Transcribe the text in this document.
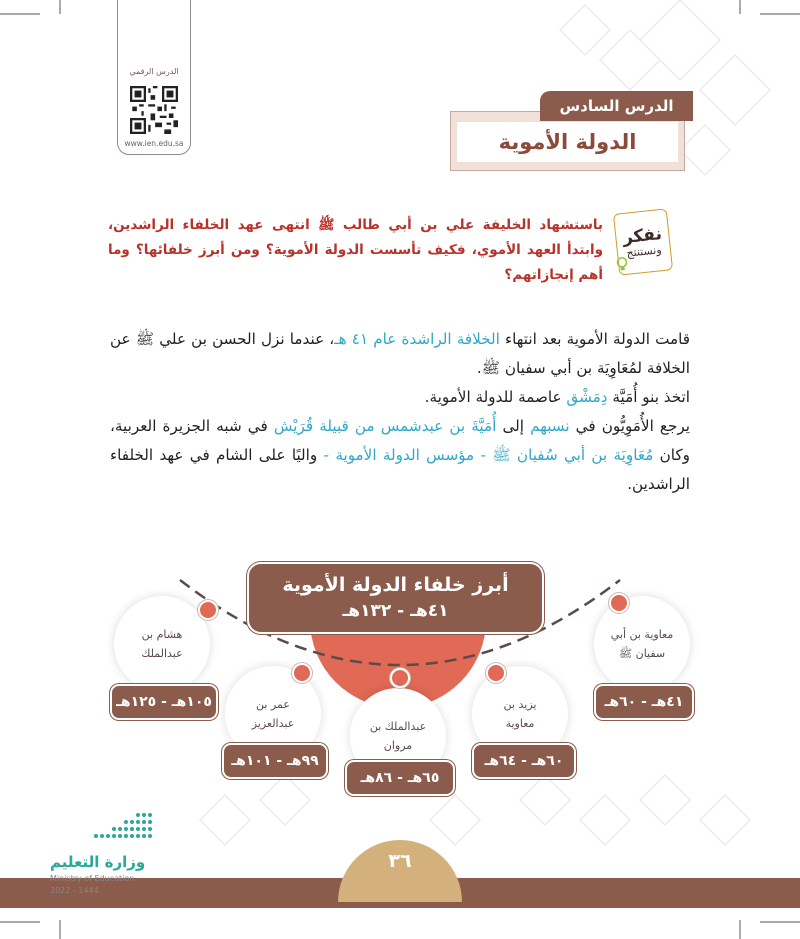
الدرس الرقمي
www.ien.edu.sa	الدولة الأموية
الدرس السادس
نفكر
ونستنتج
باستشهاد الخليفة علي بن أبي طالب ﷺ انتهى عهد الخلفاء الراشدين، وابتدأ العهد الأموي، فكيف تأسست الدولة الأموية؟ ومن أبرز خلفائها؟ وما أهم إنجازاتهم؟
قامت الدولة الأموية بعد انتهاء الخلافة الراشدة عام ٤١ هـ، عندما نزل الحسن بن علي ﷺ عن الخلافة لمُعَاوِيَة بن أبي سفيان ﷺ.
اتخذ بنو أُمَيَّة دِمَشْق عاصمة للدولة الأموية.
يرجع الأُمَوِيُّون في نسبهم إلى أُمَيَّةَ بن عبدشمس من قبيلة قُرَيْش في شبه الجزيرة العربية، وكان مُعَاوِيَة بن أبي سُفيان ﷺ - مؤسس الدولة الأموية - واليًا على الشام في عهد الخلفاء الراشدين.
أبرز خلفاء الدولة الأموية
٤١هـ - ١٣٢هـ
معاوية بن أبي سفيان ﷺ
٤١هـ - ٦٠هـ
يزيد بن معاوية
٦٠هـ - ٦٤هـ
عبدالملك بن مروان
٦٥هـ - ٨٦هـ
عمر بن عبدالعزيز
٩٩هـ - ١٠١هـ
هشام بن عبدالملك
١٠٥هـ - ١٢٥هـ
٣٦
وزارة التعليم
Ministry of Education
2022 - 1444
